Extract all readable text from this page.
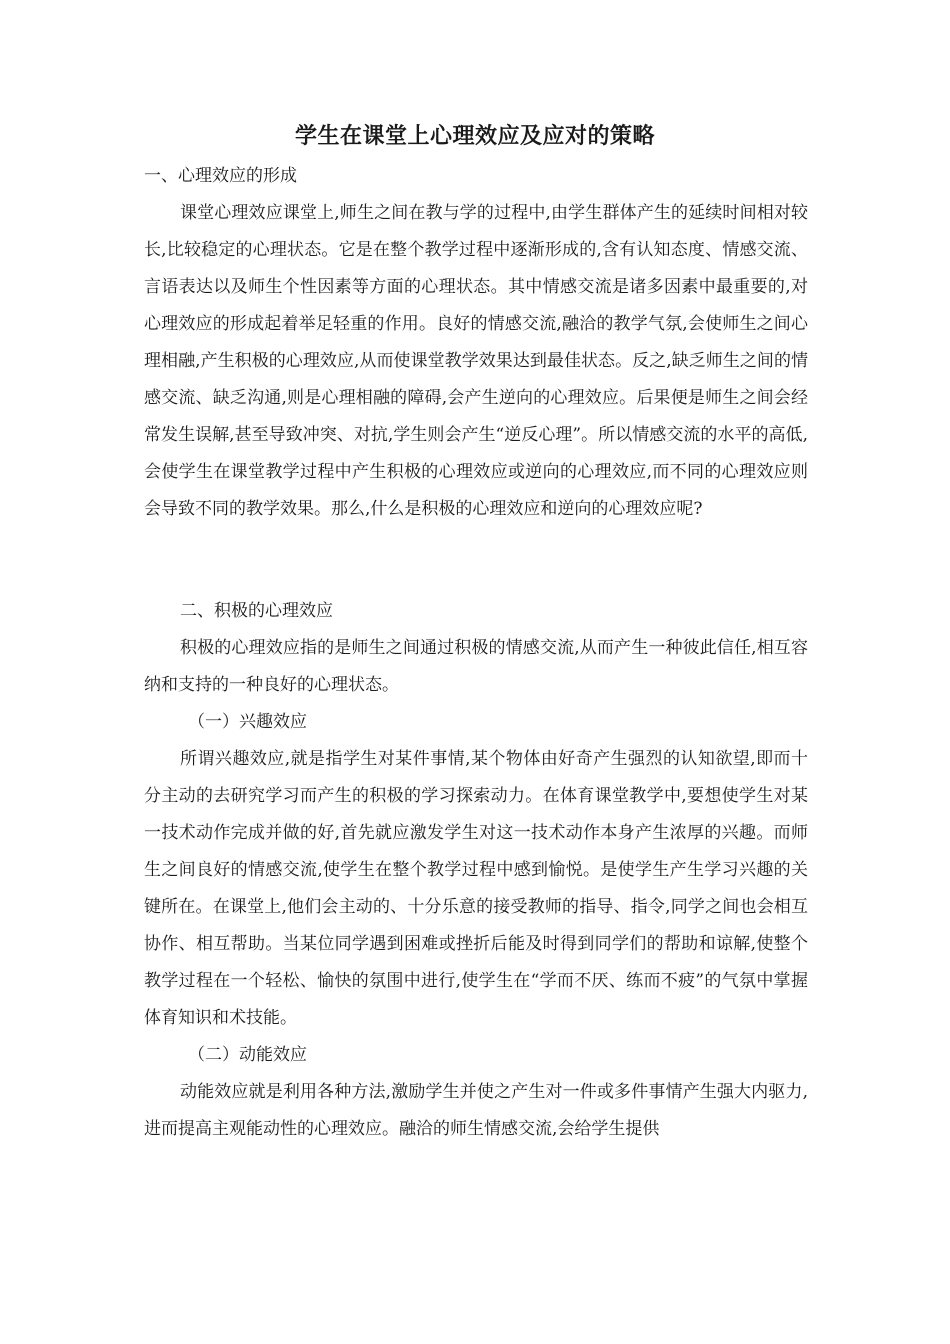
学生在课堂上心理效应及应对的策略

一、心理效应的形成

课堂心理效应课堂上,师生之间在教与学的过程中,由学生群体产生的延续时间相对较长,比较稳定的心理状态。它是在整个教学过程中逐渐形成的,含有认知态度、情感交流、言语表达以及师生个性因素等方面的心理状态。其中情感交流是诸多因素中最重要的,对心理效应的形成起着举足轻重的作用。良好的情感交流,融洽的教学气氛,会使师生之间心理相融,产生积极的心理效应,从而使课堂教学效果达到最佳状态。反之,缺乏师生之间的情感交流、缺乏沟通,则是心理相融的障碍,会产生逆向的心理效应。后果便是师生之间会经常发生误解,甚至导致冲突、对抗,学生则会产生“逆反心理”。所以情感交流的水平的高低,会使学生在课堂教学过程中产生积极的心理效应或逆向的心理效应,而不同的心理效应则会导致不同的教学效果。那么,什么是积极的心理效应和逆向的心理效应呢?

二、积极的心理效应

积极的心理效应指的是师生之间通过积极的情感交流,从而产生一种彼此信任,相互容纳和支持的一种良好的心理状态。

（一）兴趣效应

所谓兴趣效应,就是指学生对某件事情,某个物体由好奇产生强烈的认知欲望,即而十分主动的去研究学习而产生的积极的学习探索动力。在体育课堂教学中,要想使学生对某一技术动作完成并做的好,首先就应激发学生对这一技术动作本身产生浓厚的兴趣。而师生之间良好的情感交流,使学生在整个教学过程中感到愉悦。是使学生产生学习兴趣的关键所在。在课堂上,他们会主动的、十分乐意的接受教师的指导、指令,同学之间也会相互协作、相互帮助。当某位同学遇到困难或挫折后能及时得到同学们的帮助和谅解,使整个教学过程在一个轻松、愉快的氛围中进行,使学生在“学而不厌、练而不疲”的气氛中掌握体育知识和术技能。

（二）动能效应

动能效应就是利用各种方法,激励学生并使之产生对一件或多件事情产生强大内驱力,进而提高主观能动性的心理效应。融洽的师生情感交流,会给学生提供
